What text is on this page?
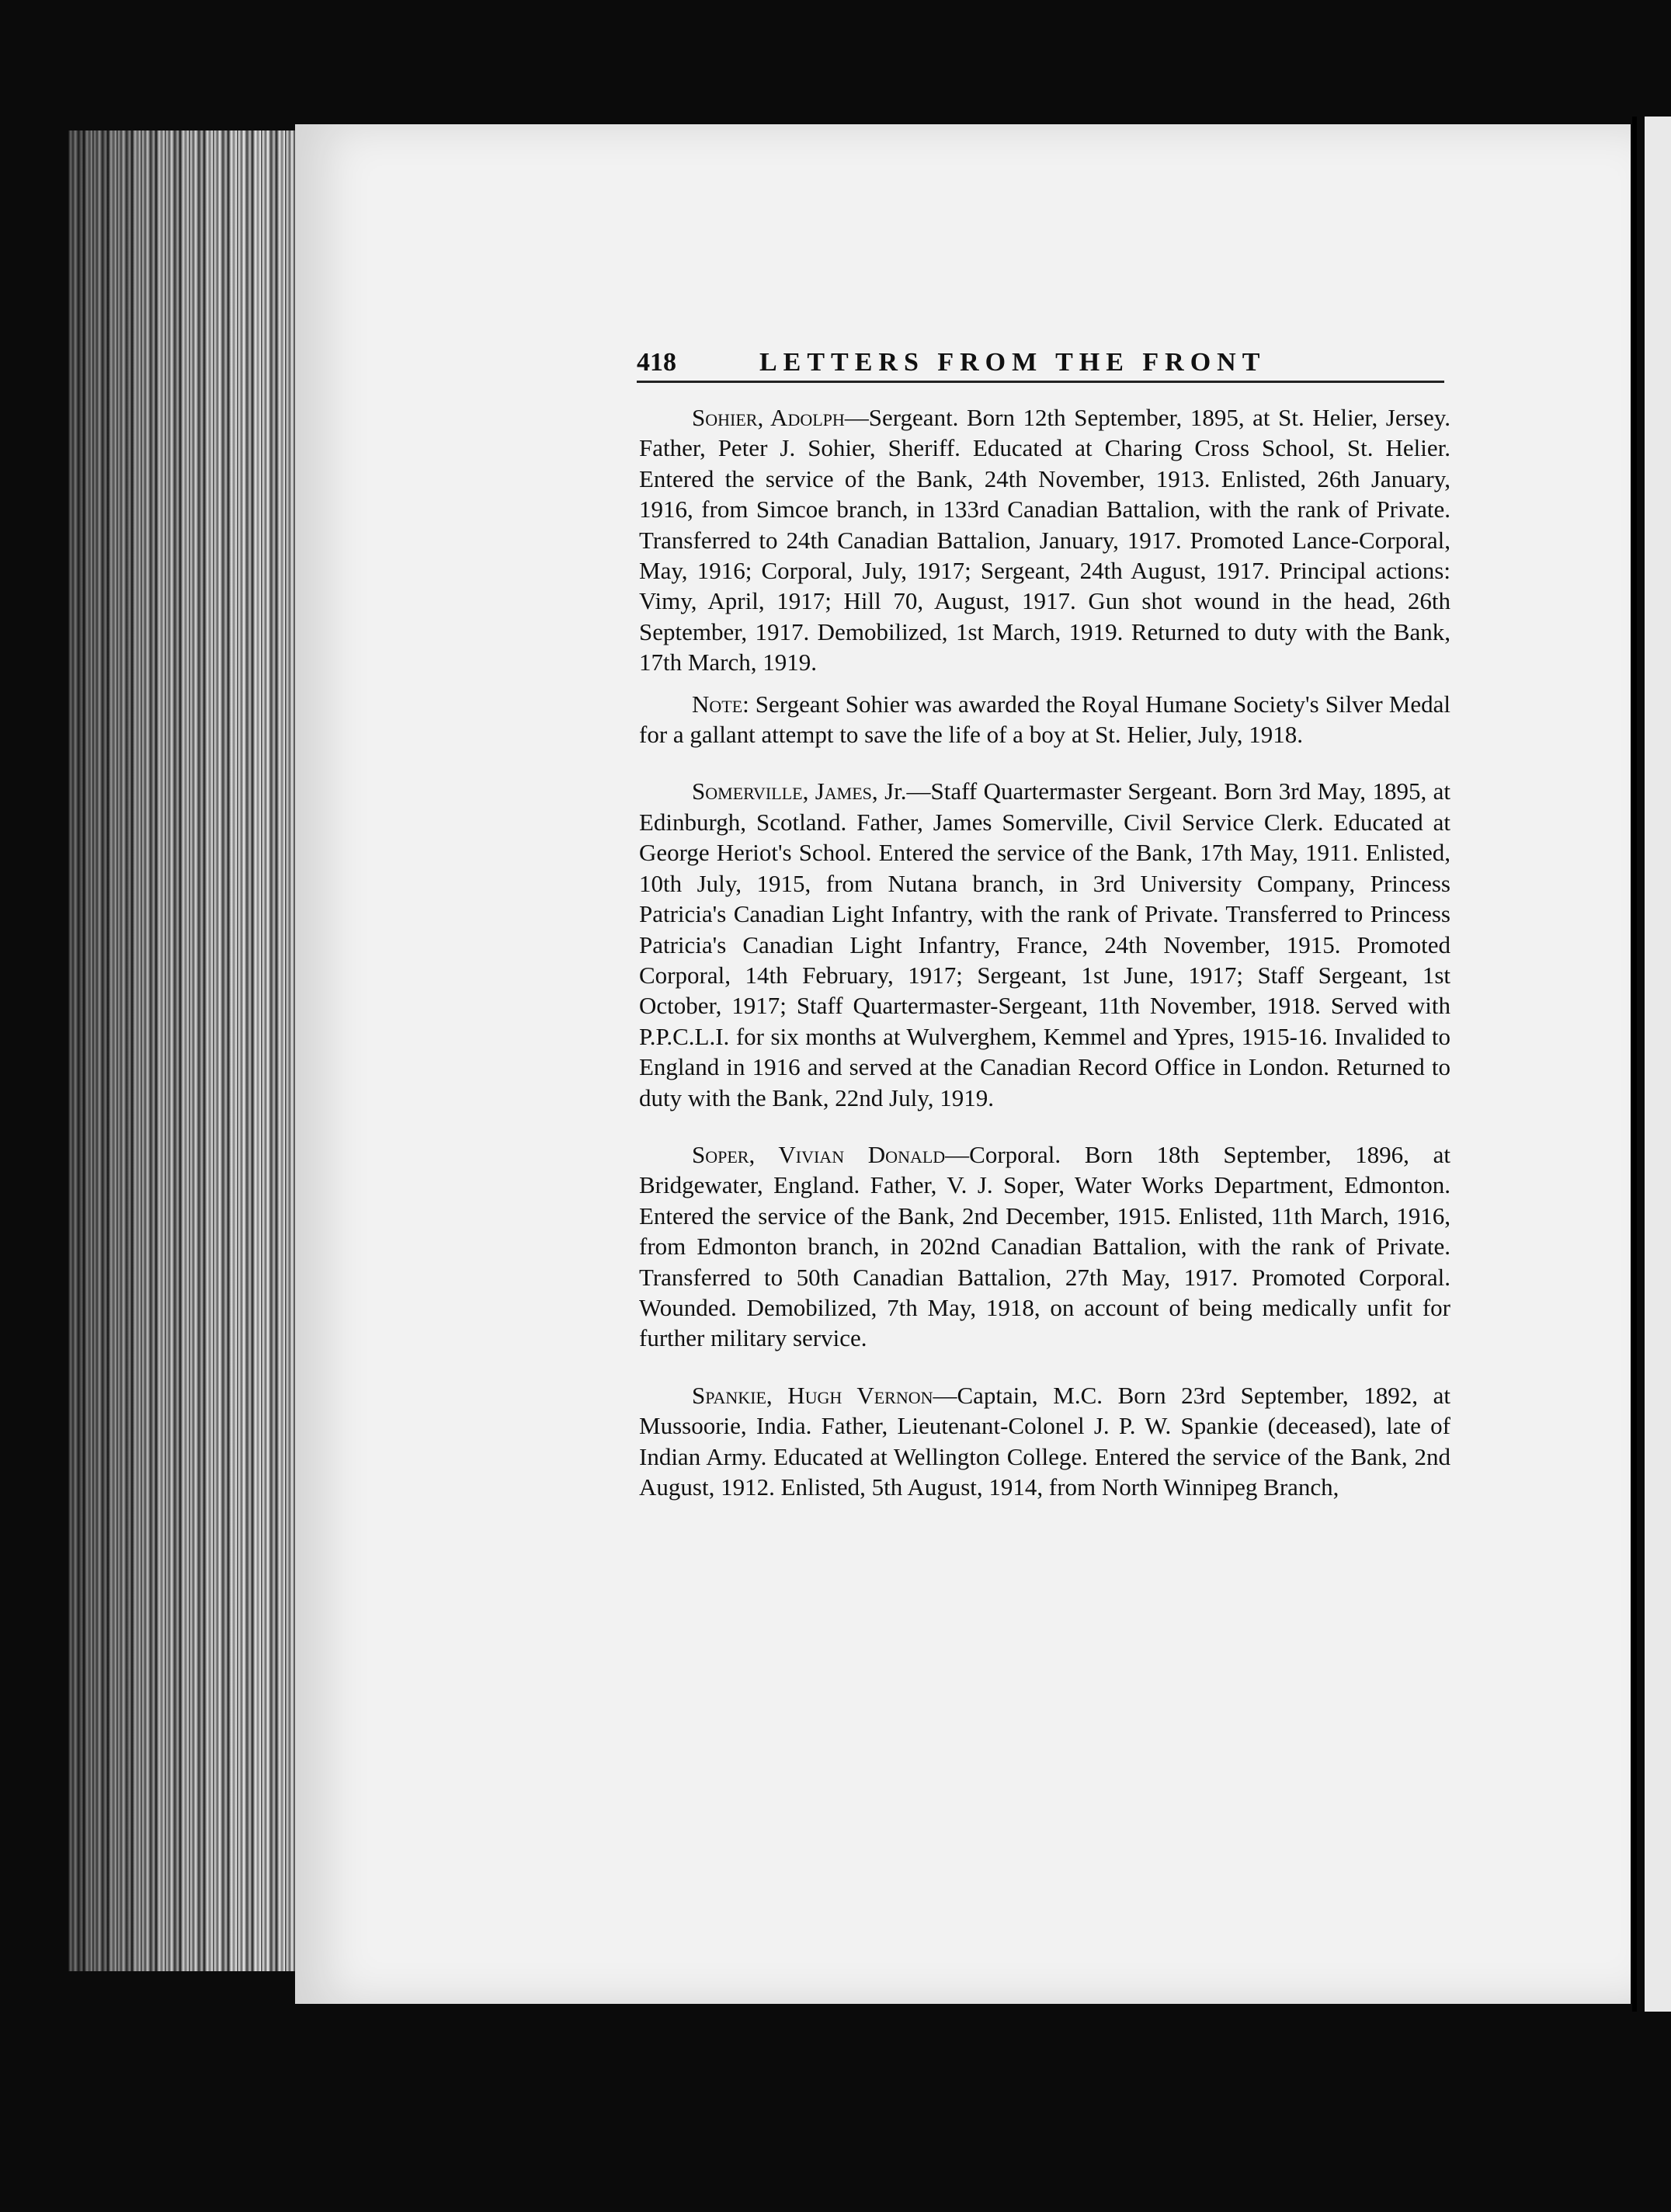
418	LETTERS FROM THE FRONT

Sohier, Adolph—Sergeant. Born 12th September, 1895, at St. Helier, Jersey. Father, Peter J. Sohier, Sheriff. Educated at Charing Cross School, St. Helier. Entered the service of the Bank, 24th November, 1913. Enlisted, 26th January, 1916, from Simcoe branch, in 133rd Canadian Battalion, with the rank of Private. Transferred to 24th Canadian Battalion, January, 1917. Promoted Lance-Corporal, May, 1916; Corporal, July, 1917; Sergeant, 24th August, 1917. Principal actions: Vimy, April, 1917; Hill 70, August, 1917. Gun shot wound in the head, 26th September, 1917. Demobilized, 1st March, 1919. Returned to duty with the Bank, 17th March, 1919.

Note: Sergeant Sohier was awarded the Royal Humane Society's Silver Medal for a gallant attempt to save the life of a boy at St. Helier, July, 1918.

Somerville, James, Jr.—Staff Quartermaster Sergeant. Born 3rd May, 1895, at Edinburgh, Scotland. Father, James Somerville, Civil Service Clerk. Educated at George Heriot's School. Entered the service of the Bank, 17th May, 1911. Enlisted, 10th July, 1915, from Nutana branch, in 3rd University Company, Princess Patricia's Canadian Light Infantry, with the rank of Private. Transferred to Princess Patricia's Canadian Light Infantry, France, 24th November, 1915. Promoted Corporal, 14th February, 1917; Sergeant, 1st June, 1917; Staff Sergeant, 1st October, 1917; Staff Quartermaster-Sergeant, 11th November, 1918. Served with P.P.C.L.I. for six months at Wulverghem, Kemmel and Ypres, 1915-16. Invalided to England in 1916 and served at the Canadian Record Office in London. Returned to duty with the Bank, 22nd July, 1919.

Soper, Vivian Donald—Corporal. Born 18th September, 1896, at Bridgewater, England. Father, V. J. Soper, Water Works Department, Edmonton. Entered the service of the Bank, 2nd December, 1915. Enlisted, 11th March, 1916, from Edmonton branch, in 202nd Canadian Battalion, with the rank of Private. Transferred to 50th Canadian Battalion, 27th May, 1917. Promoted Corporal. Wounded. Demobilized, 7th May, 1918, on account of being medically unfit for further military service.

Spankie, Hugh Vernon—Captain, M.C. Born 23rd September, 1892, at Mussoorie, India. Father, Lieutenant-Colonel J. P. W. Spankie (deceased), late of Indian Army. Educated at Wellington College. Entered the service of the Bank, 2nd August, 1912. Enlisted, 5th August, 1914, from North Winnipeg Branch,
